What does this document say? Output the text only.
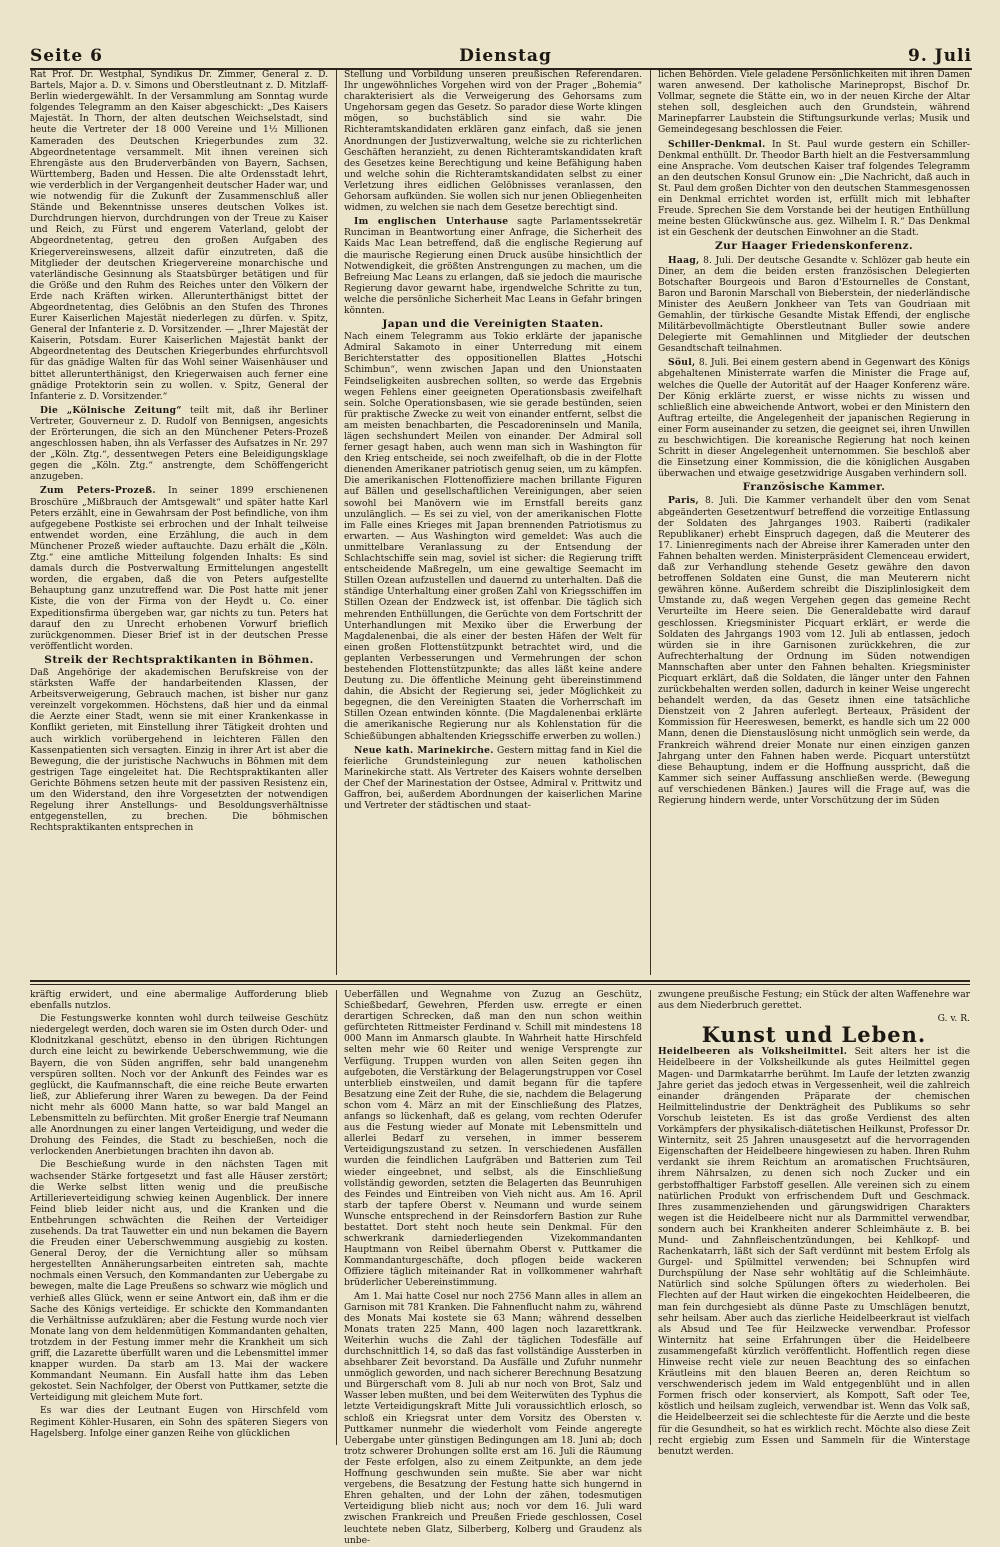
Seite 6	Dienstag	9. Juli

Rat Prof. Dr. Westphal, Syndikus Dr. Zimmer, General z. D. Bartels, Major a. D. v. Simons und Oberstleutnant z. D. Mitzlaff-Berlin wiedergewählt. In der Versammlung am Sonntag wurde folgendes Telegramm an den Kaiser abgeschickt: „Des Kaisers Majestät. In Thorn, der alten deutschen Weichselstadt, sind heute die Vertreter der 18 000 Vereine und 1½ Millionen Kameraden des Deutschen Kriegerbundes zum 32. Abgeordnetentage versammelt. Mit ihnen vereinen sich Ehrengäste aus den Bruderverbänden von Bayern, Sachsen, Württemberg, Baden und Hessen. Die alte Ordensstadt lehrt, wie verderblich in der Vergangenheit deutscher Hader war, und wie notwendig für die Zukunft der Zusammenschluß aller Stände und Bekenntnisse unseres deutschen Volkes ist. Durchdrungen hiervon, durchdrungen von der Treue zu Kaiser und Reich, zu Fürst und engerem Vaterland, gelobt der Abgeordnetentag, getreu den großen Aufgaben des Kriegervereinswesens, allzeit dafür einzutreten, daß die Mitglieder der deutschen Kriegervereine monarchische und vaterländische Gesinnung als Staatsbürger betätigen und für die Größe und den Ruhm des Reiches unter den Völkern der Erde nach Kräften wirken. Allerunterthänigst bittet der Abgeordnetentag, dies Gelöbnis an den Stufen des Thrones Eurer Kaiserlichen Majestät niederlegen zu dürfen. v. Spitz, General der Infanterie z. D. Vorsitzender. — „Ihrer Majestät der Kaiserin, Potsdam. Eurer Kaiserlichen Majestät bankt der Abgeordnetentag des Deutschen Kriegerbundes ehrfurchtsvoll für das gnädige Walten für das Wohl seiner Waisenhäuser und bittet allerunterthänigst, den Kriegerwaisen auch ferner eine gnädige Protektorin sein zu wollen. v. Spitz, General der Infanterie z. D. Vorsitzender.“

Die „Kölnische Zeitung“ teilt mit, daß ihr Berliner Vertreter, Gouverneur z. D. Rudolf von Bennigsen, angesichts der Erörterungen, die sich an den Münchener Peters-Prozeß angeschlossen haben, ihn als Verfasser des Aufsatzes in Nr. 297 der „Köln. Ztg.“, dessentwegen Peters eine Beleidigungsklage gegen die „Köln. Ztg.“ anstrengte, dem Schöffengericht anzugeben.

Zum Peters-Prozeß. In seiner 1899 erschienenen Broschüre „Mißbrauch der Amtsgewalt“ und später hatte Karl Peters erzählt, eine in Gewahrsam der Post befindliche, von ihm aufgegebene Postkiste sei erbrochen und der Inhalt teilweise entwendet worden, eine Erzählung, die auch in dem Münchener Prozeß wieder auftauchte. Dazu erhält die „Köln. Ztg.“ eine amtliche Mitteilung folgenden Inhalts: Es sind damals durch die Postverwaltung Ermittelungen angestellt worden, die ergaben, daß die von Peters aufgestellte Behauptung ganz unzutreffend war. Die Post hatte mit jener Kiste, die von der Firma von der Heydt u. Co. einer Expeditionsfirma übergeben war, gar nichts zu tun. Peters hat darauf den zu Unrecht erhobenen Vorwurf brieflich zurückgenommen. Dieser Brief ist in der deutschen Presse veröffentlicht worden.

Streik der Rechtspraktikanten in Böhmen.

Daß Angehörige der akademischen Berufskreise von der stärksten Waffe der handarbeitenden Klassen, der Arbeitsverweigerung, Gebrauch machen, ist bisher nur ganz vereinzelt vorgekommen. Höchstens, daß hier und da einmal die Aerzte einer Stadt, wenn sie mit einer Krankenkasse in Konflikt gerieten, mit Einstellung ihrer Tätigkeit drohten und auch wirklich vorübergehend in leichteren Fällen den Kassenpatienten sich versagten. Einzig in ihrer Art ist aber die Bewegung, die der juristische Nachwuchs in Böhmen mit dem gestrigen Tage eingeleitet hat. Die Rechtspraktikanten aller Gerichte Böhmens setzen heute mit der passiven Resistenz ein, um den Widerstand, den ihre Vorgesetzten der notwendigen Regelung ihrer Anstellungs- und Besoldungsverhältnisse entgegenstellen, zu brechen. Die böhmischen Rechtspraktikanten entsprechen in

Stellung und Vorbildung unseren preußischen Referendaren. Ihr ungewöhnliches Vorgehen wird von der Prager „Bohemia“ charakterisiert als die Verweigerung des Gehorsams zum Ungehorsam gegen das Gesetz. So parador diese Worte klingen mögen, so buchstäblich sind sie wahr. Die Richteramtskandidaten erklären ganz einfach, daß sie jenen Anordnungen der Justizverwaltung, welche sie zu richterlichen Geschäften heranzieht, zu denen Richteramtskandidaten kraft des Gesetzes keine Berechtigung und keine Befähigung haben und welche sohin die Richteramtskandidaten selbst zu einer Verletzung ihres eidlichen Gelöbnisses veranlassen, den Gehorsam aufkünden. Sie wollen sich nur jenen Obliegenheiten widmen, zu welchen sie nach dem Gesetze berechtigt sind.

Im englischen Unterhause sagte Parlamentssekretär Runciman in Beantwortung einer Anfrage, die Sicherheit des Kaids Mac Lean betreffend, daß die englische Regierung auf die maurische Regierung einen Druck ausübe hinsichtlich der Notwendigkeit, die größten Anstrengungen zu machen, um die Befreiung Mac Leans zu erlangen, daß sie jedoch die maurische Regierung davor gewarnt habe, irgendwelche Schritte zu tun, welche die persönliche Sicherheit Mac Leans in Gefahr bringen könnten.

Japan und die Vereinigten Staaten.

Nach einem Telegramm aus Tokio erklärte der japanische Admiral Sakamoto in einer Unterredung mit einem Berichterstatter des oppositionellen Blattes „Hotschi Schimbun“, wenn zwischen Japan und den Unionstaaten Feindseligkeiten ausbrechen sollten, so werde das Ergebnis wegen Fehlens einer geeigneten Operationsbasis zweifelhaft sein. Solche Operationsbasen, wie sie gerade bestünden, seien für praktische Zwecke zu weit von einander entfernt, selbst die am meisten benachbarten, die Pescadoreninseln und Manila, lägen sechshundert Meilen von einander. Der Admiral soll ferner gesagt haben, auch wenn man sich in Washington für den Krieg entscheide, sei noch zweifelhaft, ob die in der Flotte dienenden Amerikaner patriotisch genug seien, um zu kämpfen. Die amerikanischen Flottenoffiziere machen brillante Figuren auf Bällen und gesellschaftlichen Vereinigungen, aber seien sowohl bei Manövern wie im Ernstfall bereits ganz unzulänglich. — Es sei zu viel, von der amerikanischen Flotte im Falle eines Krieges mit Japan brennenden Patriotismus zu erwarten. — Aus Washington wird gemeldet: Was auch die unmittelbare Veranlassung zu der Entsendung der Schlachtschiffe sein mag, soviel ist sicher: die Regierung trifft entscheidende Maßregeln, um eine gewaltige Seemacht im Stillen Ozean aufzustellen und dauernd zu unterhalten. Daß die ständige Unterhaltung einer großen Zahl von Kriegsschiffen im Stillen Ozean der Endzweck ist, ist offenbar. Die täglich sich mehrenden Enthüllungen, die Gerüchte von dem Fortschritt der Unterhandlungen mit Mexiko über die Erwerbung der Magdalenenbai, die als einer der besten Häfen der Welt für einen großen Flottenstützpunkt betrachtet wird, und die geplanten Verbesserungen und Vermehrungen der schon bestehenden Flottenstützpunkte; das alles läßt keine andere Deutung zu. Die öffentliche Meinung geht übereinstimmend dahin, die Absicht der Regierung sei, jeder Möglichkeit zu begegnen, die den Vereinigten Staaten die Vorherrschaft im Stillen Ozean entwinden könnte. (Die Magdalenenbai erklärte die amerikanische Regierung nur als Kohlenstation für die Schießübungen abhaltenden Kriegsschiffe erwerben zu wollen.)

Neue kath. Marinekirche. Gestern mittag fand in Kiel die feierliche Grundsteinlegung zur neuen katholischen Marinekirche statt. Als Vertreter des Kaisers wohnte derselben der Chef der Marinestation der Ostsee, Admiral v. Prittwitz und Gaffron, bei, außerdem Abordnungen der kaiserlichen Marine und Vertreter der städtischen und staat-

lichen Behörden. Viele geladene Persönlichkeiten mit ihren Damen waren anwesend. Der katholische Marinepropst, Bischof Dr. Vollmar, segnete die Stätte ein, wo in der neuen Kirche der Altar stehen soll, desgleichen auch den Grundstein, während Marinepfarrer Laubstein die Stiftungsurkunde verlas; Musik und Gemeindegesang beschlossen die Feier.

Schiller-Denkmal. In St. Paul wurde gestern ein Schiller-Denkmal enthüllt. Dr. Theodor Barth hielt an die Festversammlung eine Ansprache. Vom deutschen Kaiser traf folgendes Telegramm an den deutschen Konsul Grunow ein: „Die Nachricht, daß auch in St. Paul dem großen Dichter von den deutschen Stammesgenossen ein Denkmal errichtet worden ist, erfüllt mich mit lebhafter Freude. Sprechen Sie dem Vorstande bei der heutigen Enthüllung meine besten Glückwünsche aus. gez. Wilhelm I. R.“ Das Denkmal ist ein Geschenk der deutschen Einwohner an die Stadt.

Zur Haager Friedenskonferenz.

Haag, 8. Juli. Der deutsche Gesandte v. Schlözer gab heute ein Diner, an dem die beiden ersten französischen Delegierten Botschafter Bourgeois und Baron d'Estournelles de Constant, Baron und Baronin Marschall von Bieberstein, der niederländische Minister des Aeußern Jonkheer van Tets van Goudriaan mit Gemahlin, der türkische Gesandte Mistak Effendi, der englische Militärbevollmächtigte Oberstleutnant Buller sowie andere Delegierte mit Gemahlinnen und Mitglieder der deutschen Gesandtschaft teilnahmen.

Söul, 8. Juli. Bei einem gestern abend in Gegenwart des Königs abgehaltenen Ministerrate warfen die Minister die Frage auf, welches die Quelle der Autorität auf der Haager Konferenz wäre. Der König erklärte zuerst, er wisse nichts zu wissen und schließlich eine abweichende Antwort, wobei er den Ministern den Auftrag erteilte, die Angelegenheit der japanischen Regierung in einer Form auseinander zu setzen, die geeignet sei, ihren Unwillen zu beschwichtigen. Die koreanische Regierung hat noch keinen Schritt in dieser Angelegenheit unternommen. Sie beschloß aber die Einsetzung einer Kommission, die die königlichen Ausgaben überwachen und etwaige gesetzwidrige Ausgaben verhindern soll.

Französische Kammer.

Paris, 8. Juli. Die Kammer verhandelt über den vom Senat abgeänderten Gesetzentwurf betreffend die vorzeitige Entlassung der Soldaten des Jahrganges 1903. Raiberti (radikaler Republikaner) erhebt Einspruch dagegen, daß die Meuterer des 17. Linienregiments nach der Abreise ihrer Kameraden unter den Fahnen behalten werden. Ministerpräsident Clemenceau erwidert, daß zur Verhandlung stehende Gesetz gewähre den davon betroffenen Soldaten eine Gunst, die man Meuterern nicht gewähren könne. Außerdem schreibt die Disziplinlosigkeit dem Umstande zu, daß wegen Vergehen gegen das gemeine Recht Verurteilte im Heere seien. Die Generaldebatte wird darauf geschlossen. Kriegsminister Picquart erklärt, er werde die Soldaten des Jahrgangs 1903 vom 12. Juli ab entlassen, jedoch würden sie in ihre Garnisonen zurückkehren, die zur Aufrechterhaltung der Ordnung im Süden notwendigen Mannschaften aber unter den Fahnen behalten. Kriegsminister Picquart erklärt, daß die Soldaten, die länger unter den Fahnen zurückbehalten werden sollen, dadurch in keiner Weise ungerecht behandelt werden, da das Gesetz ihnen eine tatsächliche Dienstzeit von 2 Jahren auferlegt. Berteaux, Präsident der Kommission für Heereswesen, bemerkt, es handle sich um 22 000 Mann, denen die Dienstauslösung nicht unmöglich sein werde, da Frankreich während dreier Monate nur einen einzigen ganzen Jahrgang unter den Fahnen haben werde. Picquart unterstützt diese Behauptung, indem er die Hoffnung ausspricht, daß die Kammer sich seiner Auffassung anschließen werde. (Bewegung auf verschiedenen Bänken.) Jaures will die Frage auf, was die Regierung hindern werde, unter Vorschützung der im Süden

kräftig erwidert, und eine abermalige Aufforderung blieb ebenfalls nutzlos.

Die Festungswerke konnten wohl durch teilweise Geschütz niedergelegt werden, doch waren sie im Osten durch Oder- und Klodnitzkanal geschützt, ebenso in den übrigen Richtungen durch eine leicht zu bewirkende Ueberschwemmung, wie die Bayern, die von Süden angriffen, sehr bald unangenehm verspüren sollten. Noch vor der Ankunft des Feindes war es geglückt, die Kaufmannschaft, die eine reiche Beute erwarten ließ, zur Ablieferung ihrer Waren zu bewegen. Da der Feind nicht mehr als 6000 Mann hatte, so war bald Mangel an Lebensmitteln zu befürchten. Mit großer Energie traf Neumann alle Anordnungen zu einer langen Verteidigung, und weder die Drohung des Feindes, die Stadt zu beschießen, noch die verlockenden Anerbietungen brachten ihn davon ab.

Die Beschießung wurde in den nächsten Tagen mit wachsender Stärke fortgesetzt und fast alle Häuser zerstört; die Werke selbst litten wenig und die preußische Artillerieverteidigung schwieg keinen Augenblick. Der innere Feind blieb leider nicht aus, und die Kranken und die Entbehrungen schwächten die Reihen der Verteidiger zusehends. Da trat Tauwetter ein und nun bekamen die Bayern die Freuden einer Ueberschwemmung ausgiebig zu kosten. General Deroy, der die Vernichtung aller so mühsam hergestellten Annäherungsarbeiten eintreten sah, machte nochmals einen Versuch, den Kommandanten zur Uebergabe zu bewegen, malte die Lage Preußens so schwarz wie möglich und verhieß alles Glück, wenn er seine Antwort ein, daß ihm er die Sache des Königs verteidige. Er schickte den Kommandanten die Verhältnisse aufzuklären; aber die Festung wurde noch vier Monate lang von dem heldenmütigen Kommandanten gehalten, trotzdem in der Festung immer mehr die Krankheit um sich griff, die Lazarette überfüllt waren und die Lebensmittel immer knapper wurden. Da starb am 13. Mai der wackere Kommandant Neumann. Ein Ausfall hatte ihm das Leben gekostet. Sein Nachfolger, der Oberst von Puttkamer, setzte die Verteidigung mit gleichem Mute fort.

Es war dies der Leutnant Eugen von Hirschfeld vom Regiment Köhler-Husaren, ein Sohn des späteren Siegers von Hagelsberg. Infolge einer ganzen Reihe von glücklichen

Ueberfällen und Wegnahme von Zuzug an Geschütz, Schießbedarf, Gewehren, Pferden usw. erregte er einen derartigen Schrecken, daß man den nun schon weithin gefürchteten Rittmeister Ferdinand v. Schill mit mindestens 18 000 Mann im Anmarsch glaubte. In Wahrheit hatte Hirschfeld selten mehr wie 60 Reiter und wenige Versprengte zur Verfügung. Truppen wurden von allen Seiten gegen ihn aufgeboten, die Verstärkung der Belagerungstruppen vor Cosel unterblieb einstweilen, und damit begann für die tapfere Besatzung eine Zeit der Ruhe, die sie, nachdem die Belagerung schon vom 4. März an mit der Einschließung des Platzes, anfangs so lückenhaft, daß es gelang, vom rechten Oderufer aus die Festung wieder auf Monate mit Lebensmitteln und allerlei Bedarf zu versehen, in immer besserem Verteidigungszustand zu setzen. In verschiedenen Ausfällen wurden die feindlichen Laufgräben und Batterien zum Teil wieder eingeebnet, und selbst, als die Einschließung vollständig geworden, setzten die Belagerten das Beunruhigen des Feindes und Eintreiben von Vieh nicht aus. Am 16. April starb der tapfere Oberst v. Neumann und wurde seinem Wunsche entsprechend in der Reinsdorfern Bastion zur Ruhe bestattet. Dort steht noch heute sein Denkmal. Für den schwerkrank darniederliegenden Vizekommandanten Hauptmann von Reibel übernahm Oberst v. Puttkamer die Kommandanturgeschäfte, doch pflogen beide wackeren Offiziere täglich miteinander Rat in vollkommener wahrhaft brüderlicher Uebereinstimmung.

Am 1. Mai hatte Cosel nur noch 2756 Mann alles in allem an Garnison mit 781 Kranken. Die Fahnenflucht nahm zu, während des Monats Mai kostete sie 63 Mann; während desselben Monats traten 225 Mann, 400 lagen noch lazarettkrank. Weiterhin wuchs die Zahl der täglichen Todesfälle auf durchschnittlich 14, so daß das fast vollständige Aussterben in absehbarer Zeit bevorstand. Da Ausfälle und Zufuhr nunmehr unmöglich geworden, und nach sicherer Berechnung Besatzung und Bürgerschaft vom 8. Juli ab nur noch von Brot, Salz und Wasser leben mußten, und bei dem Weiterwüten des Typhus die letzte Verteidigungskraft Mitte Juli voraussichtlich erlosch, so schloß ein Kriegsrat unter dem Vorsitz des Obersten v. Puttkamer nunmehr die wiederholt vom Feinde angeregte Uebergabe unter günstigen Bedingungen am 18. Juni ab; doch trotz schwerer Drohungen sollte erst am 16. Juli die Räumung der Feste erfolgen, also zu einem Zeitpunkte, an dem jede Hoffnung geschwunden sein mußte. Sie aber war nicht vergebens, die Besatzung der Festung hatte sich hungernd in Ehren gehalten, und der Lohn der zähen, todesmutigen Verteidigung blieb nicht aus; noch vor dem 16. Juli ward zwischen Frankreich und Preußen Friede geschlossen, Cosel leuchtete neben Glatz, Silberberg, Kolberg und Graudenz als unbe-

zwungene preußische Festung; ein Stück der alten Waffenehre war aus dem Niederbruch gerettet.

G. v. R.
Kunst und Leben.

Heidelbeeren als Volksheilmittel. Seit alters her ist die Heidelbeere in der Volksheilkunde als gutes Heilmittel gegen Magen- und Darmkatarrhe berühmt. Im Laufe der letzten zwanzig Jahre geriet das jedoch etwas in Vergessenheit, weil die zahlreich einander drängenden Präparate der chemischen Heilmittelindustrie der Denkträgheit des Publikums so sehr Vorschub leisteten. Es ist das große Verdienst des alten Vorkämpfers der physikalisch-diätetischen Heilkunst, Professor Dr. Winternitz, seit 25 Jahren unausgesetzt auf die hervorragenden Eigenschaften der Heidelbeere hingewiesen zu haben. Ihren Ruhm verdankt sie ihrem Reichtum an aromatischen Fruchtsäuren, ihrem Nährsalzen, zu denen sich noch Zucker und ein gerbstoffhaltiger Farbstoff gesellen. Alle vereinen sich zu einem natürlichen Produkt von erfrischendem Duft und Geschmack. Ihres zusammenziehenden und gärungswidrigen Charakters wegen ist die Heidelbeere nicht nur als Darmmittel verwendbar, sondern auch bei Krankheiten anderer Schleimhäute z. B. bei Mund- und Zahnfleischentzündungen, bei Kehlkopf- und Rachenkatarrh, läßt sich der Saft verdünnt mit bestem Erfolg als Gurgel- und Spülmittel verwenden; bei Schnupfen wird Durchspülung der Nase sehr wohltätig auf die Schleimhäute. Natürlich sind solche Spülungen öfters zu wiederholen. Bei Flechten auf der Haut wirken die eingekochten Heidelbeeren, die man fein durchgesiebt als dünne Paste zu Umschlägen benutzt, sehr heilsam. Aber auch das zierliche Heidelbeerkraut ist vielfach als Absud und Tee für Heilzwecke verwendbar. Professor Winternitz hat seine Erfahrungen über die Heidelbeere zusammengefaßt kürzlich veröffentlicht. Hoffentlich regen diese Hinweise recht viele zur neuen Beachtung des so einfachen Kräutleins mit den blauen Beeren an, deren Reichtum so verschwenderisch jedem im Wald entgegenblüht und in allen Formen frisch oder konserviert, als Kompott, Saft oder Tee, köstlich und heilsam zugleich, verwendbar ist. Wenn das Volk saß, die Heidelbeerzeit sei die schlechteste für die Aerzte und die beste für die Gesundheit, so hat es wirklich recht. Möchte also diese Zeit recht ergiebig zum Essen und Sammeln für die Winterstage benutzt werden.
